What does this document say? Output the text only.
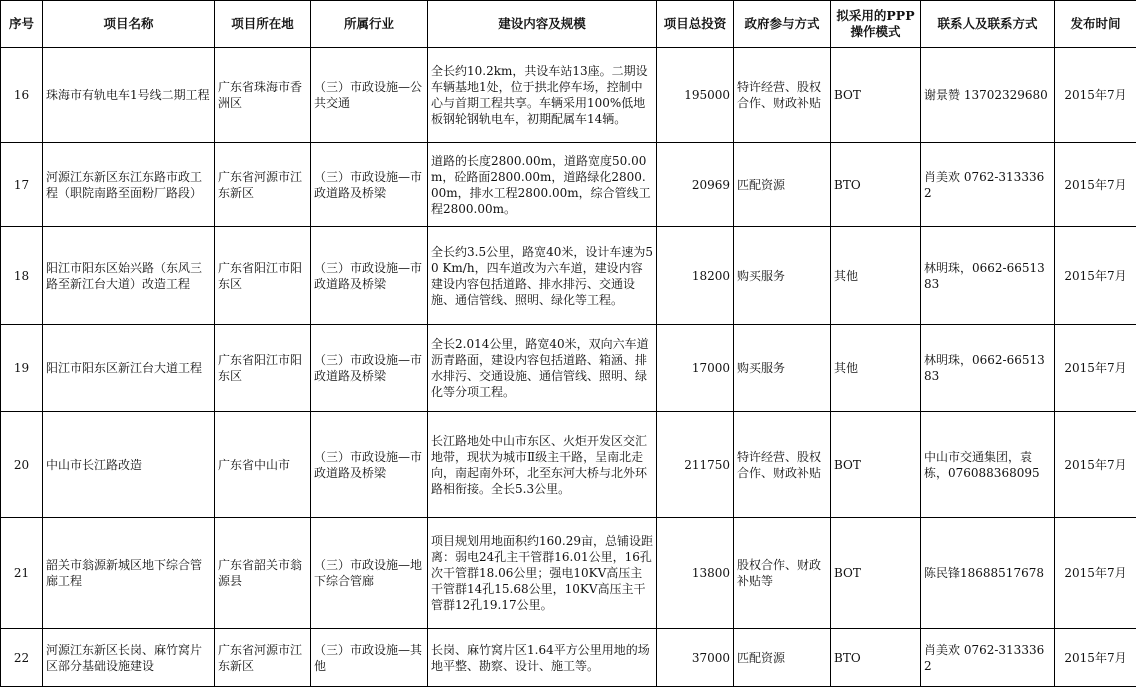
序号	项目名称	项目所在地	所属行业	建设内容及规模	项目总投资	政府参与方式	拟采用的PPP操作模式	联系人及联系方式	发布时间
16	珠海市有轨电车1号线二期工程	广东省珠海市香洲区	（三）市政设施—公共交通	全长约10.2km，共设车站13座。二期设车辆基地1处，位于拱北停车场，控制中心与首期工程共享。车辆采用100%低地板钢轮钢轨电车，初期配属车14辆。	195000	特许经营、股权合作、财政补贴	BOT	谢景赞 13702329680	2015年7月
17	河源江东新区东江东路市政工程（职院南路至面粉厂路段）	广东省河源市江东新区	（三）市政设施—市政道路及桥梁	道路的长度2800.00m，道路宽度50.00m，砼路面2800.00m，道路绿化2800.00m，排水工程2800.00m，综合管线工程2800.00m。	20969	匹配资源	BTO	肖美欢 0762-3133362	2015年7月
18	阳江市阳东区始兴路（东风三路至新江台大道）改造工程	广东省阳江市阳东区	（三）市政设施—市政道路及桥梁	全长约3.5公里，路宽40米，设计车速为50 Km/h，四车道改为六车道，建设内容建设内容包括道路、排水排污、交通设施、通信管线、照明、绿化等工程。	18200	购买服务	其他	林明珠，0662-6651383	2015年7月
19	阳江市阳东区新江台大道工程	广东省阳江市阳东区	（三）市政设施—市政道路及桥梁	全长2.014公里，路宽40米，双向六车道沥青路面，建设内容包括道路、箱涵、排水排污、交通设施、通信管线、照明、绿化等分项工程。	17000	购买服务	其他	林明珠，0662-6651383	2015年7月
20	中山市长江路改造	广东省中山市	（三）市政设施—市政道路及桥梁	长江路地处中山市东区、火炬开发区交汇地带，现状为城市Ⅱ级主干路，呈南北走向，南起南外环，北至东河大桥与北外环路相衔接。全长5.3公里。	211750	特许经营、股权合作、财政补贴	BOT	中山市交通集团，袁栋，076088368095	2015年7月
21	韶关市翁源新城区地下综合管廊工程	广东省韶关市翁源县	（三）市政设施—地下综合管廊	项目规划用地面积约160.29亩，总铺设距离：弱电24孔主干管群16.01公里，16孔次干管群18.06公里；强电10KV高压主干管群14孔15.68公里，10KV高压主干管群12孔19.17公里。	13800	股权合作、财政补贴等	BOT	陈民锋18688517678	2015年7月
22	河源江东新区长岗、麻竹窝片区部分基础设施建设	广东省河源市江东新区	（三）市政设施—其他	长岗、麻竹窝片区1.64平方公里用地的场地平整、勘察、设计、施工等。	37000	匹配资源	BTO	肖美欢 0762-3133362	2015年7月
